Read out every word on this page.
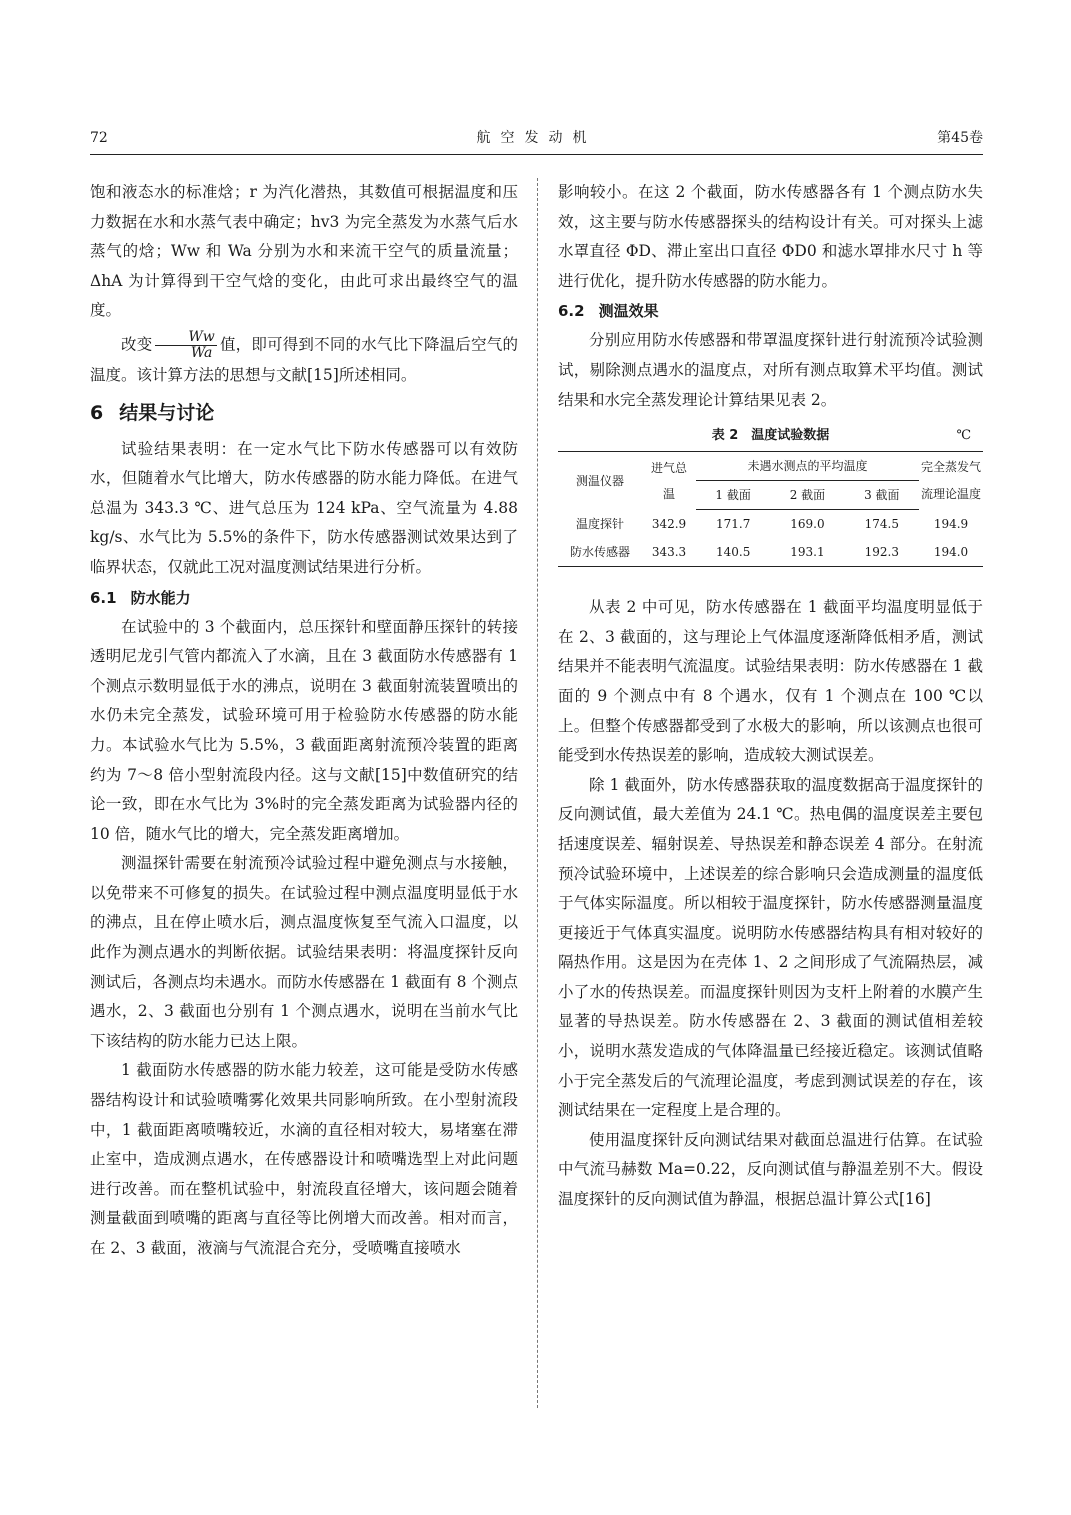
72	航空发动机	第45卷

饱和液态水的标准焓；r 为汽化潜热，其数值可根据温度和压力数据在水和水蒸气表中确定；hv3 为完全蒸发为水蒸气后水蒸气的焓；Ww 和 Wa 分别为水和来流干空气的质量流量；ΔhA 为计算得到干空气焓的变化，由此可求出最终空气的温度。

改变 $\frac{Ww}{Wa}$ 值，即可得到不同的水气比下降温后空气的温度。该计算方法的思想与文献[15]所述相同。

6 结果与讨论

试验结果表明：在一定水气比下防水传感器可以有效防水，但随着水气比增大，防水传感器的防水能力降低。在进气总温为 343.3 ℃、进气总压为 124 kPa、空气流量为 4.88 kg/s、水气比为 5.5%的条件下，防水传感器测试效果达到了临界状态，仅就此工况对温度测试结果进行分析。

6.1 防水能力

在试验中的 3 个截面内，总压探针和壁面静压探针的转接透明尼龙引气管内都流入了水滴，且在 3 截面防水传感器有 1 个测点示数明显低于水的沸点，说明在 3 截面射流装置喷出的水仍未完全蒸发，试验环境可用于检验防水传感器的防水能力。本试验水气比为 5.5%，3 截面距离射流预冷装置的距离约为 7～8 倍小型射流段内径。这与文献[15]中数值研究的结论一致，即在水气比为 3%时的完全蒸发距离为试验器内径的 10 倍，随水气比的增大，完全蒸发距离增加。

测温探针需要在射流预冷试验过程中避免测点与水接触，以免带来不可修复的损失。在试验过程中测点温度明显低于水的沸点，且在停止喷水后，测点温度恢复至气流入口温度，以此作为测点遇水的判断依据。试验结果表明：将温度探针反向测试后，各测点均未遇水。而防水传感器在 1 截面有 8 个测点遇水，2、3 截面也分别有 1 个测点遇水，说明在当前水气比下该结构的防水能力已达上限。

1 截面防水传感器的防水能力较差，这可能是受防水传感器结构设计和试验喷嘴雾化效果共同影响所致。在小型射流段中，1 截面距离喷嘴较近，水滴的直径相对较大，易堵塞在滞止室中，造成测点遇水，在传感器设计和喷嘴选型上对此问题进行改善。而在整机试验中，射流段直径增大，该问题会随着测量截面到喷嘴的距离与直径等比例增大而改善。相对而言，在 2、3 截面，液滴与气流混合充分，受喷嘴直接喷水

影响较小。在这 2 个截面，防水传感器各有 1 个测点防水失效，这主要与防水传感器探头的结构设计有关。可对探头上滤水罩直径 ΦD、滞止室出口直径 ΦD0 和滤水罩排水尺寸 h 等进行优化，提升防水传感器的防水能力。

6.2 测温效果

分别应用防水传感器和带罩温度探针进行射流预冷试验测试，剔除测点遇水的温度点，对所有测点取算术平均值。测试结果和水完全蒸发理论计算结果见表 2。

表 2　温度试验数据	℃
测温仪器	进气总温	未遇水测点的平均温度			完全蒸发气流理论温度
		1 截面	2 截面	3 截面	
温度探针	342.9	171.7	169.0	174.5	194.9
防水传感器	343.3	140.5	193.1	192.3	194.0

从表 2 中可见，防水传感器在 1 截面平均温度明显低于在 2、3 截面的，这与理论上气体温度逐渐降低相矛盾，测试结果并不能表明气流温度。试验结果表明：防水传感器在 1 截面的 9 个测点中有 8 个遇水，仅有 1 个测点在 100 ℃以上。但整个传感器都受到了水极大的影响，所以该测点也很可能受到水传热误差的影响，造成较大测试误差。

除 1 截面外，防水传感器获取的温度数据高于温度探针的反向测试值，最大差值为 24.1 ℃。热电偶的温度误差主要包括速度误差、辐射误差、导热误差和静态误差 4 部分。在射流预冷试验环境中，上述误差的综合影响只会造成测量的温度低于气体实际温度。所以相较于温度探针，防水传感器测量温度更接近于气体真实温度。说明防水传感器结构具有相对较好的隔热作用。这是因为在壳体 1、2 之间形成了气流隔热层，减小了水的传热误差。而温度探针则因为支杆上附着的水膜产生显著的导热误差。防水传感器在 2、3 截面的测试值相差较小，说明水蒸发造成的气体降温量已经接近稳定。该测试值略小于完全蒸发后的气流理论温度，考虑到测试误差的存在，该测试结果在一定程度上是合理的。

使用温度探针反向测试结果对截面总温进行估算。在试验中气流马赫数 Ma=0.22，反向测试值与静温差别不大。假设温度探针的反向测试值为静温，根据总温计算公式[16]
